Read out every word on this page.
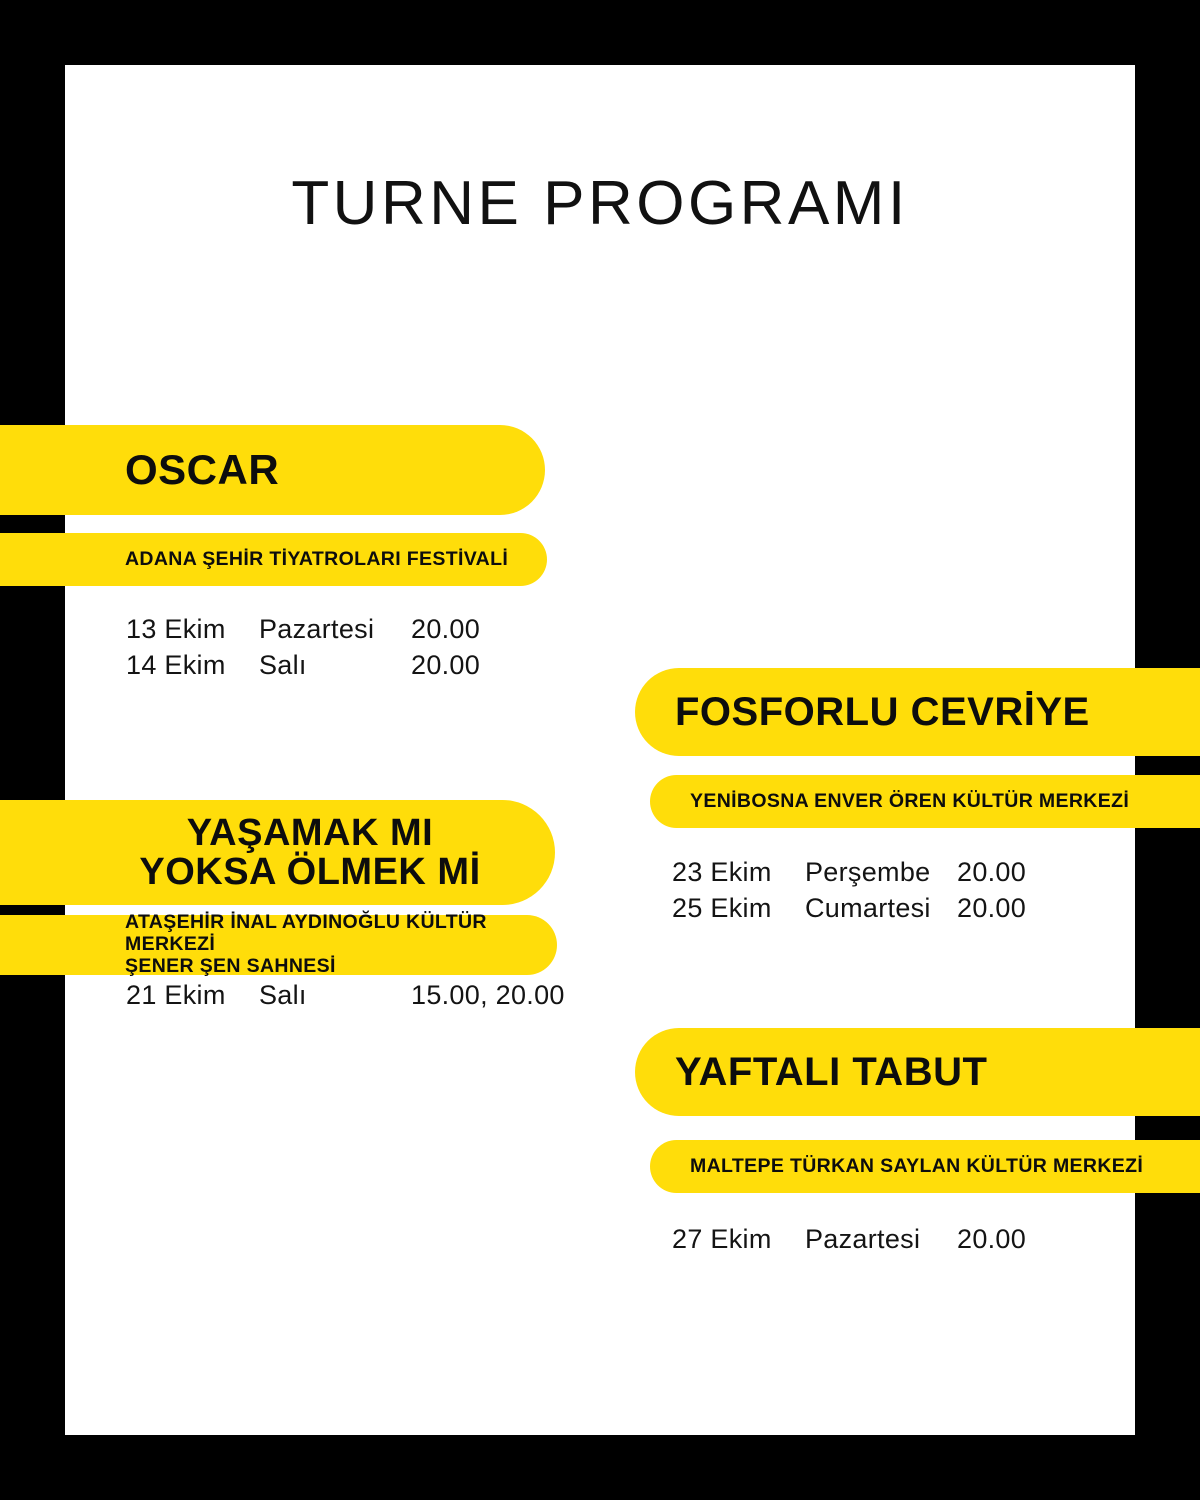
TURNE PROGRAMI
OSCAR
ADANA ŞEHİR TİYATROLARI FESTİVALİ
13 Ekim	Pazartesi	20.00
14 Ekim	Salı	20.00
YAŞAMAK MI
YOKSA ÖLMEK Mİ
ATAŞEHİR İNAL AYDINOĞLU KÜLTÜR MERKEZİ
ŞENER ŞEN SAHNESİ
21 Ekim	Salı	15.00, 20.00
FOSFORLU CEVRİYE
YENİBOSNA ENVER ÖREN KÜLTÜR MERKEZİ
23 Ekim	Perşembe 20.00
25 Ekim	Cumartesi 20.00
YAFTALI TABUT
MALTEPE TÜRKAN SAYLAN KÜLTÜR MERKEZİ
27 Ekim	Pazartesi	20.00
